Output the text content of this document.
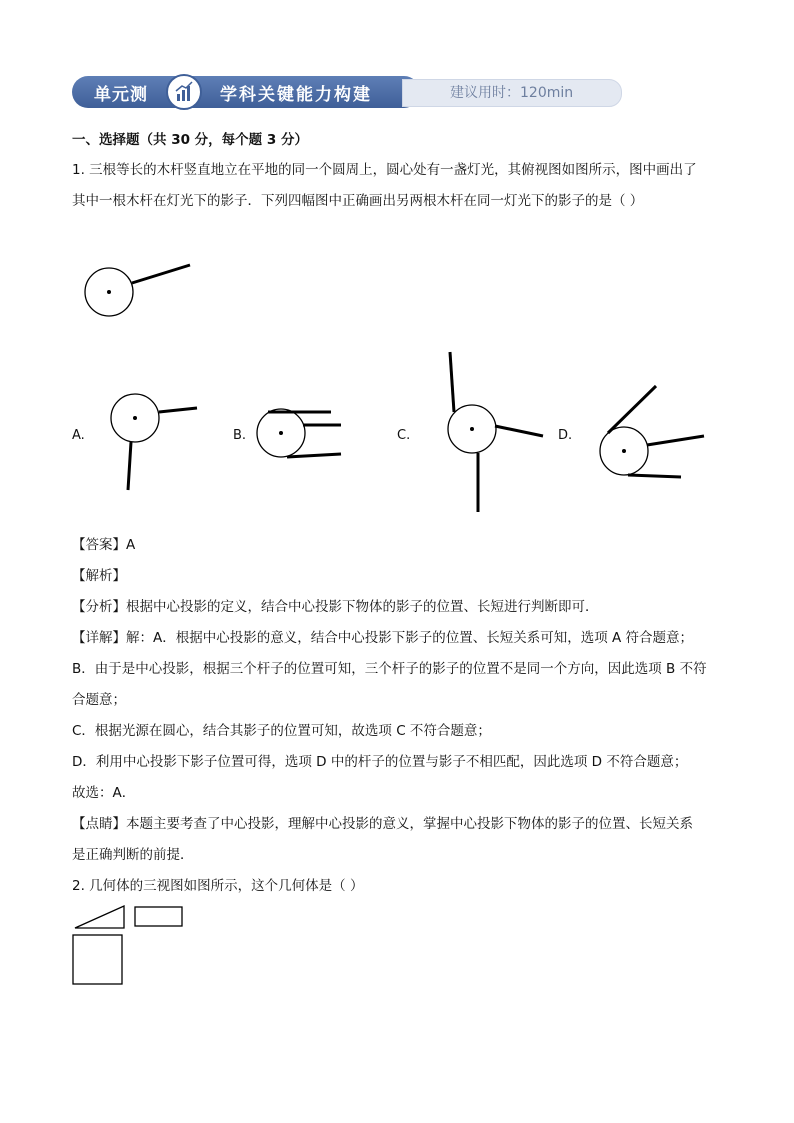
单元测	学科关键能力构建	建议用时：120min
一、选择题（共 30 分，每个题 3 分）
1. 三根等长的木杆竖直地立在平地的同一个圆周上，圆心处有一盏灯光，其俯视图如图所示，图中画出了
其中一根木杆在灯光下的影子．下列四幅图中正确画出另两根木杆在同一灯光下的影子的是（ ）
A.	B.	C.	D.
【答案】A
【解析】
【分析】根据中心投影的定义，结合中心投影下物体的影子的位置、长短进行判断即可．
【详解】解：A．根据中心投影的意义，结合中心投影下影子的位置、长短关系可知，选项 A 符合题意；
B．由于是中心投影，根据三个杆子的位置可知，三个杆子的影子的位置不是同一个方向，因此选项 B 不符
合题意；
C．根据光源在圆心，结合其影子的位置可知，故选项 C 不符合题意；
D．利用中心投影下影子位置可得，选项 D 中的杆子的位置与影子不相匹配，因此选项 D 不符合题意；
故选：A．
【点睛】本题主要考查了中心投影，理解中心投影的意义，掌握中心投影下物体的影子的位置、长短关系
是正确判断的前提．
2. 几何体的三视图如图所示，这个几何体是（ ）
